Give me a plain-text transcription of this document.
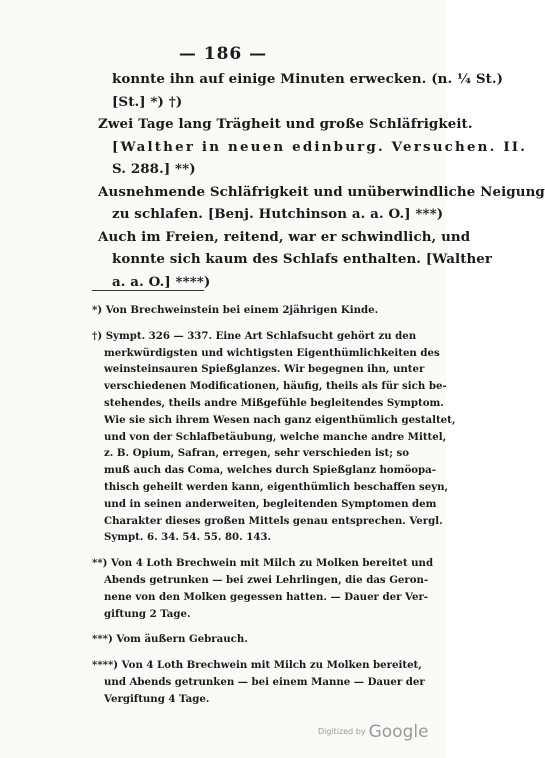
— 186 —
konnte ihn auf einige Minuten erwecken. (n. ¼ St.)
[St.] *) †)
Zwei Tage lang Trägheit und große Schläfrigkeit.
[Walther in neuen edinburg. Versuchen. II.
S. 288.] **)
Ausnehmende Schläfrigkeit und unüberwindliche Neigung
zu schlafen. [Benj. Hutchinson a. a. O.] ***)
Auch im Freien, reitend, war er schwindlich, und
konnte sich kaum des Schlafs enthalten. [Walther
a. a. O.] ****)
*) Von Brechweinstein bei einem 2jährigen Kinde.
†) Sympt. 326 — 337. Eine Art Schlafsucht gehört zu den
merkwürdigsten und wichtigsten Eigenthümlichkeiten des
weinsteinsauren Spießglanzes. Wir begegnen ihn, unter
verschiedenen Modificationen, häufig, theils als für sich be-
stehendes, theils andre Mißgefühle begleitendes Symptom.
Wie sie sich ihrem Wesen nach ganz eigenthümlich gestaltet,
und von der Schlafbetäubung, welche manche andre Mittel,
z. B. Opium, Safran, erregen, sehr verschieden ist; so
muß auch das Coma, welches durch Spießglanz homöopa-
thisch geheilt werden kann, eigenthümlich beschaffen seyn,
und in seinen anderweiten, begleitenden Symptomen dem
Charakter dieses großen Mittels genau entsprechen. Vergl.
Sympt. 6. 34. 54. 55. 80. 143.
**) Von 4 Loth Brechwein mit Milch zu Molken bereitet und
Abends getrunken — bei zwei Lehrlingen, die das Geron-
nene von den Molken gegessen hatten. — Dauer der Ver-
giftung 2 Tage.
***) Vom äußern Gebrauch.
****) Von 4 Loth Brechwein mit Milch zu Molken bereitet,
und Abends getrunken — bei einem Manne — Dauer der
Vergiftung 4 Tage.
Digitized by Google
